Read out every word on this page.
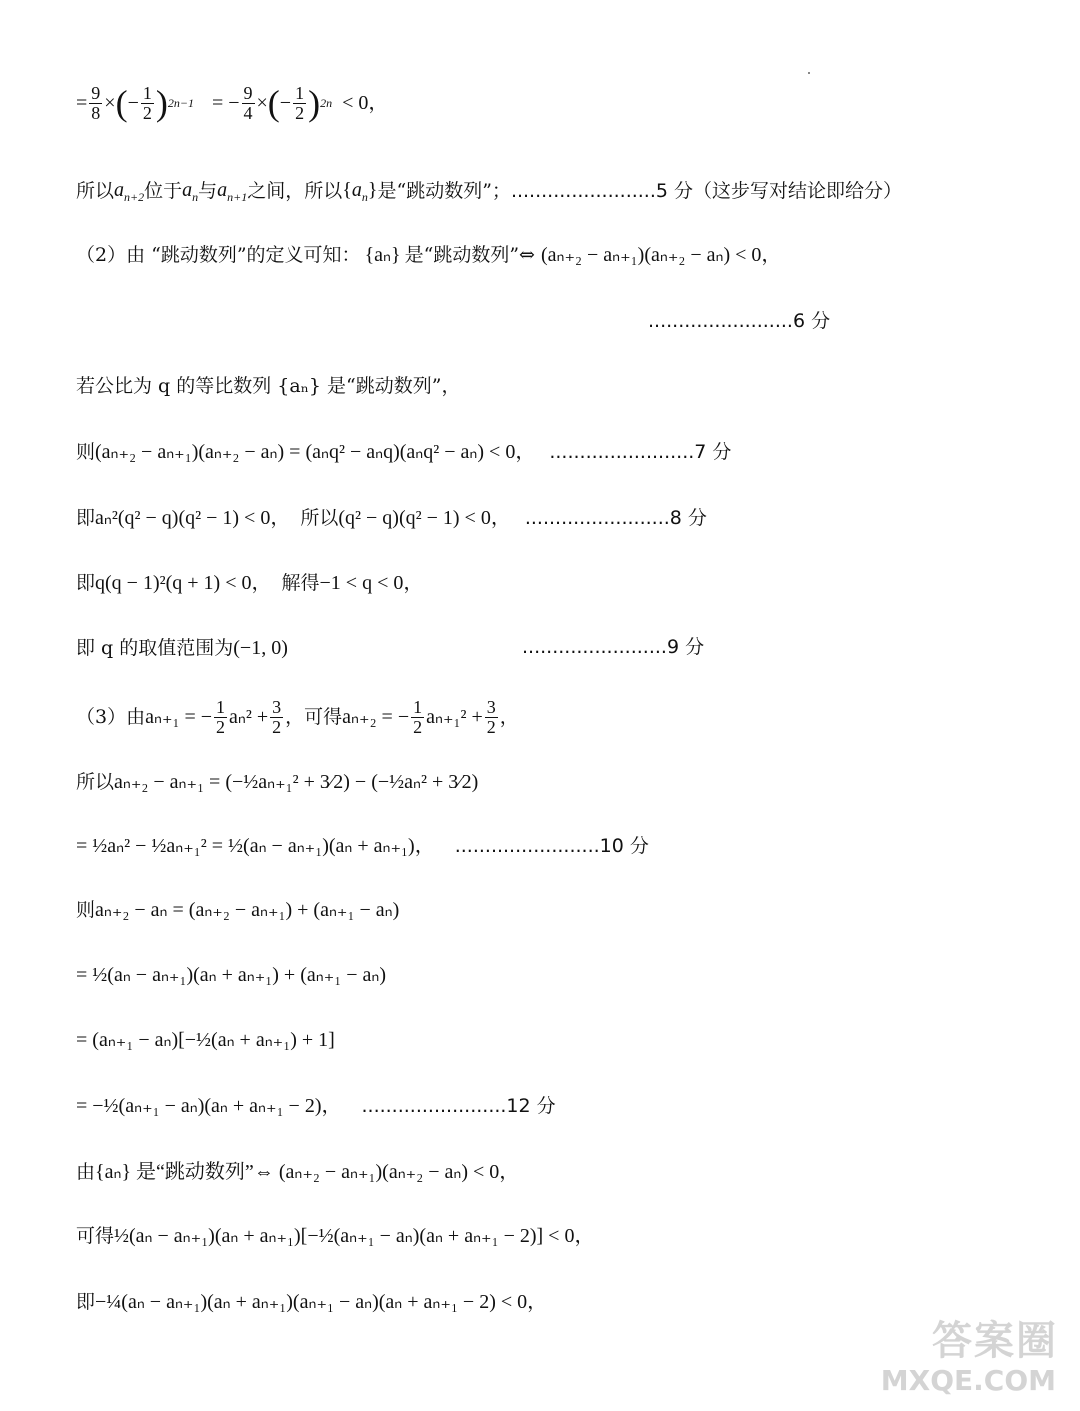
= $\frac{9}{8}$ × ( − $\frac{1}{2}$ ) 2n−1 = − $\frac{9}{4}$ × ( − $\frac{1}{2}$ ) 2n < 0，
所以 $a_{n+2}$ 位于 $a_n$ 与 $a_{n+1}$ 之间，所以 $\{a_n\}$ 是“跳动数列”； ........................5 分（这步写对结论即给分）
（2）由 “跳动数列”的定义可知： {aₙ} 是“跳动数列”⇔ (aₙ₊₂ − aₙ₊₁)(aₙ₊₂ − aₙ) < 0，
........................6 分
若公比为 q 的等比数列 {aₙ} 是“跳动数列”，
则 (aₙ₊₂ − aₙ₊₁)(aₙ₊₂ − aₙ) = (aₙq² − aₙq)(aₙq² − aₙ) < 0， ........................7 分
即 aₙ²(q² − q)(q² − 1) < 0， 所以 (q² − q)(q² − 1) < 0， ........................8 分
即 q(q − 1)²(q + 1) < 0， 解得 −1 < q < 0，
即 q 的取值范围为 (−1, 0)	........................9 分
（3）由 aₙ₊₁ = − $\frac{1}{2} a_n^2 + \frac{3}{2}$ ，可得 aₙ₊₂ = − $\frac{1}{2} a_{n+1}^2 + \frac{3}{2}$ ，
所以 aₙ₊₂ − aₙ₊₁ = (−½aₙ₊₁² + 3⁄2) − (−½aₙ² + 3⁄2)
= ½aₙ² − ½aₙ₊₁² = ½(aₙ − aₙ₊₁)(aₙ + aₙ₊₁)， ........................10 分
则 aₙ₊₂ − aₙ = (aₙ₊₂ − aₙ₊₁) + (aₙ₊₁ − aₙ)
= ½(aₙ − aₙ₊₁)(aₙ + aₙ₊₁) + (aₙ₊₁ − aₙ)
= (aₙ₊₁ − aₙ)[−½(aₙ + aₙ₊₁) + 1]
= −½(aₙ₊₁ − aₙ)(aₙ + aₙ₊₁ − 2)， ........................12 分
由 {aₙ} 是“跳动数列”⇔ (aₙ₊₂ − aₙ₊₁)(aₙ₊₂ − aₙ) < 0，
可得 ½(aₙ − aₙ₊₁)(aₙ + aₙ₊₁)[−½(aₙ₊₁ − aₙ)(aₙ + aₙ₊₁ − 2)] < 0，
即 −¼(aₙ − aₙ₊₁)(aₙ + aₙ₊₁)(aₙ₊₁ − aₙ)(aₙ + aₙ₊₁ − 2) < 0，
答案圈
MXQE.COM
